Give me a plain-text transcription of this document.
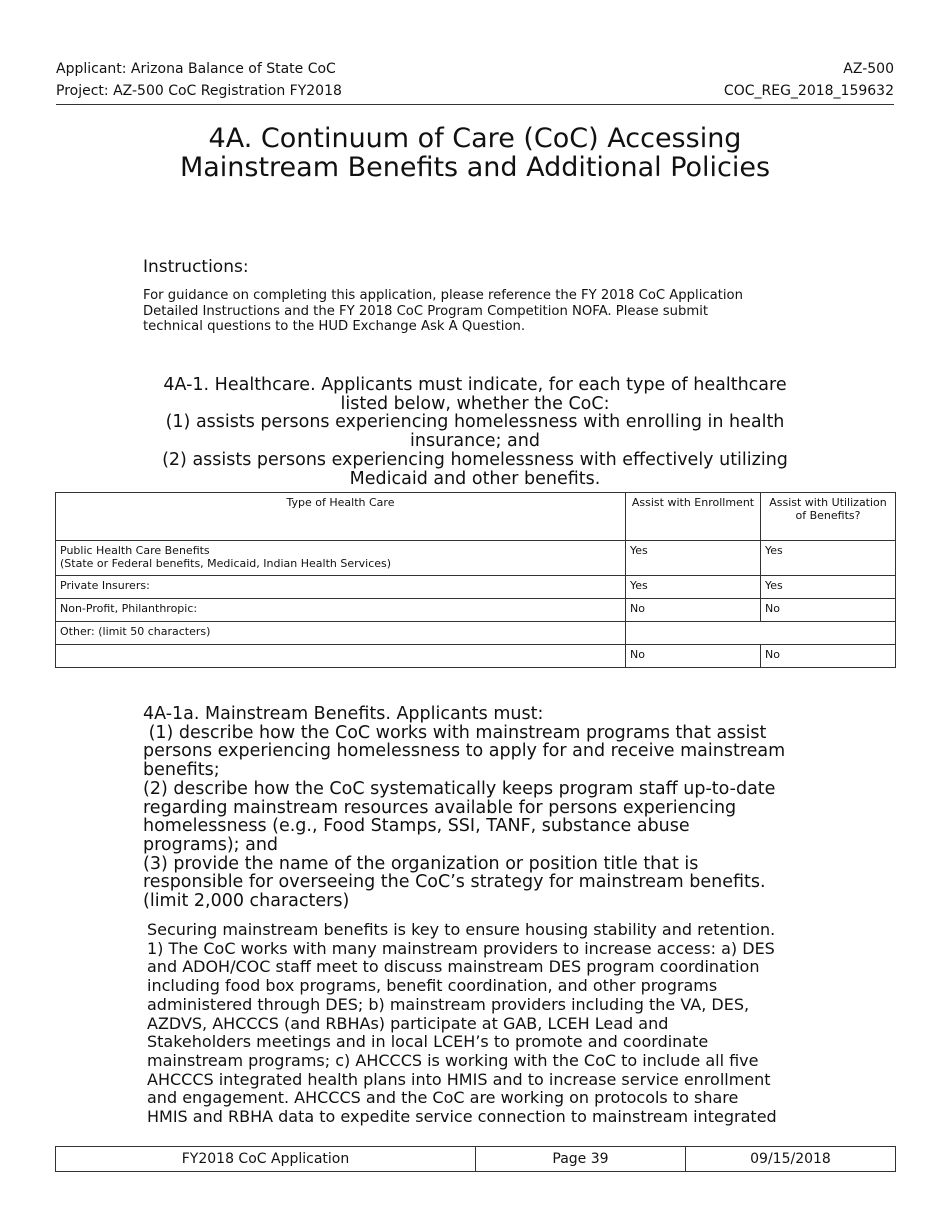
Applicant: Arizona Balance of State CoC	AZ-500
Project: AZ-500 CoC Registration FY2018	COC_REG_2018_159632
4A. Continuum of Care (CoC) Accessing
Mainstream Benefits and Additional Policies
Instructions:
For guidance on completing this application, please reference the FY 2018 CoC Application
Detailed Instructions and the FY 2018 CoC Program Competition NOFA. Please submit
technical questions to the HUD Exchange Ask A Question.
4A-1. Healthcare. Applicants must indicate, for each type of healthcare
listed below, whether the CoC:
(1) assists persons experiencing homelessness with enrolling in health
insurance; and
(2) assists persons experiencing homelessness with effectively utilizing
Medicaid and other benefits.
Type of Health Care	Assist with Enrollment	Assist with Utilization of Benefits?

Public Health Care Benefits
(State or Federal benefits, Medicaid, Indian Health Services)	Yes	Yes
Private Insurers:	Yes	Yes
Non-Profit, Philanthropic:	No	No
Other: (limit 50 characters)		
	No	No
4A-1a. Mainstream Benefits. Applicants must:
(1) describe how the CoC works with mainstream programs that assist
persons experiencing homelessness to apply for and receive mainstream
benefits;
(2) describe how the CoC systematically keeps program staff up-to-date
regarding mainstream resources available for persons experiencing
homelessness (e.g., Food Stamps, SSI, TANF, substance abuse
programs); and
(3) provide the name of the organization or position title that is
responsible for overseeing the CoC’s strategy for mainstream benefits.
(limit 2,000 characters)
Securing mainstream benefits is key to ensure housing stability and retention.
1) The CoC works with many mainstream providers to increase access: a) DES
and ADOH/COC staff meet to discuss mainstream DES program coordination
including food box programs, benefit coordination, and other programs
administered through DES; b) mainstream providers including the VA, DES,
AZDVS, AHCCCS (and RBHAs) participate at GAB, LCEH Lead and
Stakeholders meetings and in local LCEH’s to promote and coordinate
mainstream programs; c) AHCCCS is working with the CoC to include all five
AHCCCS integrated health plans into HMIS and to increase service enrollment
and engagement. AHCCCS and the CoC are working on protocols to share
HMIS and RBHA data to expedite service connection to mainstream integrated
FY2018 CoC Application	Page 39	09/15/2018
